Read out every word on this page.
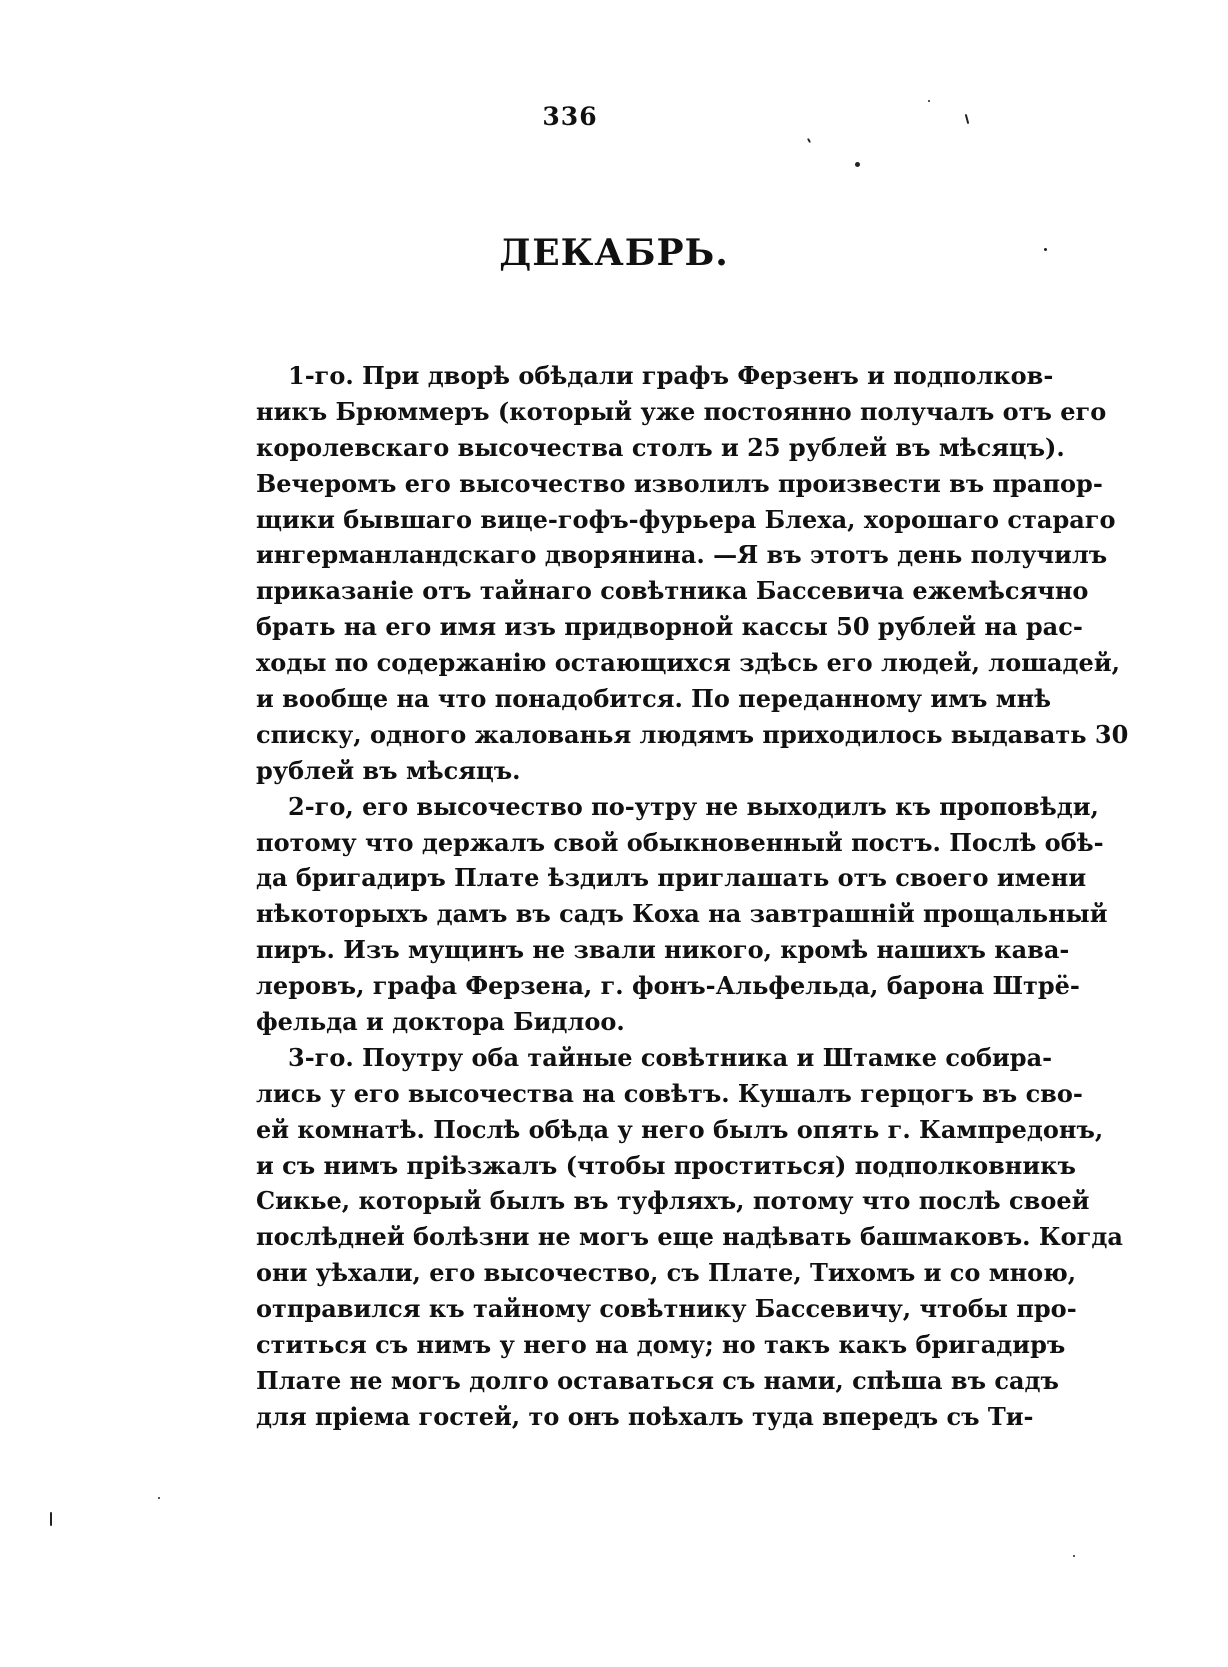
336
ДЕКАБРЬ.
1-го. При дворѣ обѣдали графъ Ферзенъ и подполков-
никъ Брюммеръ (который уже постоянно получалъ отъ его
королевскаго высочества столъ и 25 рублей въ мѣсяцъ).
Вечеромъ его высочество изволилъ произвести въ прапор-
щики бывшаго вице-гофъ-фурьера Блеха, хорошаго стараго
ингерманландскаго дворянина. —Я въ этотъ день получилъ
приказаніе отъ тайнаго совѣтника Бассевича ежемѣсячно
брать на его имя изъ придворной кассы 50 рублей на рас-
ходы по содержанію остающихся здѣсь его людей, лошадей,
и вообще на что понадобится. По переданному имъ мнѣ
списку, одного жалованья людямъ приходилось выдавать 30
рублей въ мѣсяцъ.
2-го, его высочество по-утру не выходилъ къ проповѣди,
потому что держалъ свой обыкновенный постъ. Послѣ обѣ-
да бригадиръ Плате ѣздилъ приглашать отъ своего имени
нѣкоторыхъ дамъ въ садъ Коха на завтрашній прощальный
пиръ. Изъ мущинъ не звали никого, кромѣ нашихъ кава-
леровъ, графа Ферзена, г. фонъ-Альфельда, барона Штрё-
фельда и доктора Бидлоо.
3-го. Поутру оба тайные совѣтника и Штамке собира-
лись у его высочества на совѣтъ. Кушалъ герцогъ въ сво-
ей комнатѣ. Послѣ обѣда у него былъ опять г. Кампредонъ,
и съ нимъ пріѣзжалъ (чтобы проститься) подполковникъ
Сикье, который былъ въ туфляхъ, потому что послѣ своей
послѣдней болѣзни не могъ еще надѣвать башмаковъ. Когда
они уѣхали, его высочество, съ Плате, Тихомъ и со мною,
отправился къ тайному совѣтнику Бассевичу, чтобы про-
ститься съ нимъ у него на дому; но такъ какъ бригадиръ
Плате не могъ долго оставаться съ нами, спѣша въ садъ
для пріема гостей, то онъ поѣхалъ туда впередъ съ Ти-
